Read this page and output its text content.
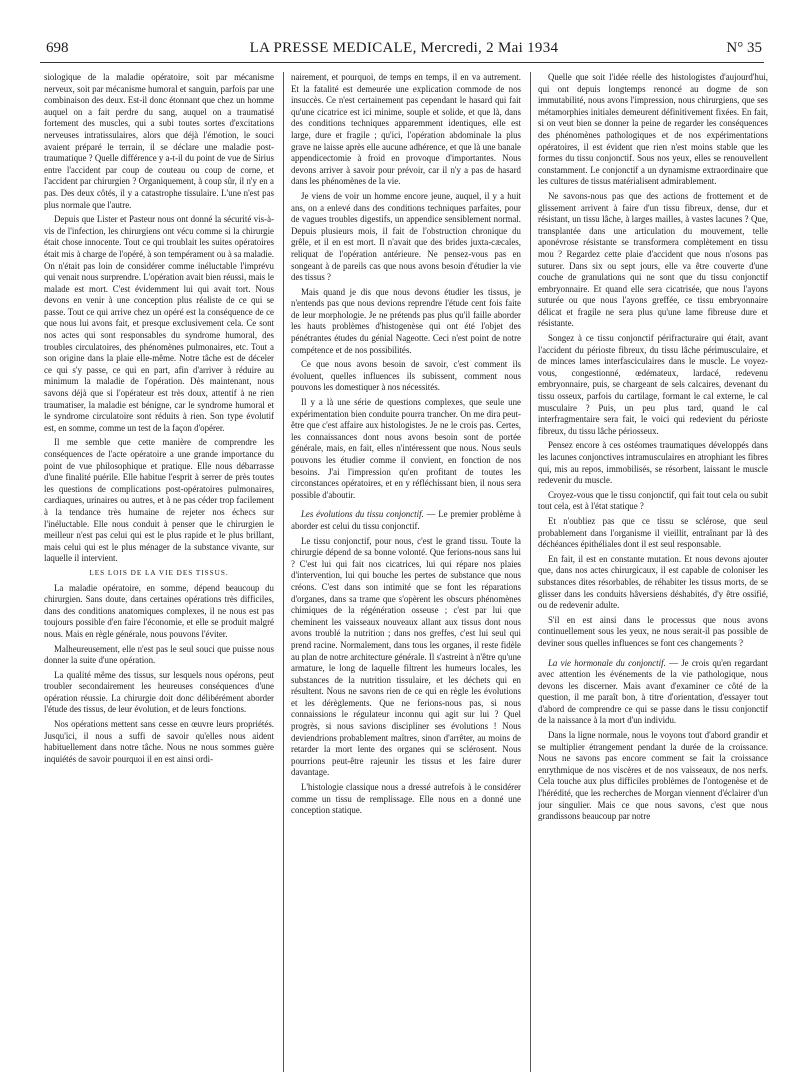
698	LA PRESSE MEDICALE, Mercredi, 2 Mai 1934	N° 35

siologique de la maladie opératoire, soit par mécanisme nerveux, soit par mécanisme humoral et sanguin, parfois par une combinaison des deux. Est-il donc étonnant que chez un homme auquel on a fait perdre du sang, auquel on a traumatisé fortement des muscles, qui a subi toutes sortes d'excitations nerveuses intratissulaires, alors que déjà l'émotion, le souci avaient préparé le terrain, il se déclare une maladie post-traumatique ? Quelle différence y a-t-il du point de vue de Sirius entre l'accident par coup de couteau ou coup de corne, et l'accident par chirurgien ? Organiquement, à coup sûr, il n'y en a pas. Des deux côtés, il y a catastrophe tissulaire. L'une n'est pas plus normale que l'autre.

Depuis que Lister et Pasteur nous ont donné la sécurité vis-à-vis de l'infection, les chirurgiens ont vécu comme si la chirurgie était chose innocente. Tout ce qui troublait les suites opératoires était mis à charge de l'opéré, à son tempérament ou à sa maladie. On n'était pas loin de considérer comme inéluctable l'imprévu qui venait nous surprendre. L'opération avait bien réussi, mais le malade est mort. C'est évidemment lui qui avait tort. Nous devons en venir à une conception plus réaliste de ce qui se passe. Tout ce qui arrive chez un opéré est la conséquence de ce que nous lui avons fait, et presque exclusivement cela. Ce sont nos actes qui sont responsables du syndrome humoral, des troubles circulatoires, des phénomènes pulmonaires, etc. Tout a son origine dans la plaie elle-même. Notre tâche est de déceler ce qui s'y passe, ce qui en part, afin d'arriver à réduire au minimum la maladie de l'opération. Dès maintenant, nous savons déjà que si l'opérateur est très doux, attentif à ne rien traumatiser, la maladie est bénigne, car le syndrome humoral et le syndrome circulatoire sont réduits à rien. Son type évolutif est, en somme, comme un test de la façon d'opérer.

Il me semble que cette manière de comprendre les conséquences de l'acte opératoire a une grande importance du point de vue philosophique et pratique. Elle nous débarrasse d'une finalité puérile. Elle habitue l'esprit à serrer de près toutes les questions de complications post-opératoires pulmonaires, cardiaques, urinaires ou autres, et à ne pas céder trop facilement à la tendance très humaine de rejeter nos échecs sur l'inéluctable. Elle nous conduit à penser que le chirurgien le meilleur n'est pas celui qui est le plus rapide et le plus brillant, mais celui qui est le plus ménager de la substance vivante, sur laquelle il intervient.

LES LOIS DE LA VIE DES TISSUS.

La maladie opératoire, en somme, dépend beaucoup du chirurgien. Sans doute, dans certaines opérations très difficiles, dans des conditions anatomiques complexes, il ne nous est pas toujours possible d'en faire l'économie, et elle se produit malgré nous. Mais en règle générale, nous pouvons l'éviter.

Malheureusement, elle n'est pas le seul souci que puisse nous donner la suite d'une opération.

La qualité même des tissus, sur lesquels nous opérons, peut troubler secondairement les heureuses conséquences d'une opération réussie. La chirurgie doit donc délibérément aborder l'étude des tissus, de leur évolution, et de leurs fonctions.

Nos opérations mettent sans cesse en œuvre leurs propriétés. Jusqu'ici, il nous a suffi de savoir qu'elles nous aident habituellement dans notre tâche. Nous ne nous sommes guère inquiétés de savoir pourquoi il en est ainsi ordi-

nairement, et pourquoi, de temps en temps, il en va autrement. Et la fatalité est demeurée une explication commode de nos insuccès. Ce n'est certainement pas cependant le hasard qui fait qu'une cicatrice est ici minime, souple et solide, et que là, dans des conditions techniques apparemment identiques, elle est large, dure et fragile ; qu'ici, l'opération abdominale la plus grave ne laisse après elle aucune adhérence, et que là une banale appendicectomie à froid en provoque d'importantes. Nous devons arriver à savoir pour prévoir, car il n'y a pas de hasard dans les phénomènes de la vie.

Je viens de voir un homme encore jeune, auquel, il y a huit ans, on a enlevé dans des conditions techniques parfaites, pour de vagues troubles digestifs, un appendice sensiblement normal. Depuis plusieurs mois, il fait de l'obstruction chronique du grêle, et il en est mort. Il n'avait que des brides juxta-cæcales, reliquat de l'opération antérieure. Ne pensez-vous pas en songeant à de pareils cas que nous avons besoin d'étudier la vie des tissus ?

Mais quand je dis que nous devons étudier les tissus, je n'entends pas que nous devions reprendre l'étude cent fois faite de leur morphologie. Je ne prétends pas plus qu'il faille aborder les hauts problèmes d'histogenèse qui ont été l'objet des pénétrantes études du génial Nageotte. Ceci n'est point de notre compétence et de nos possibilités.

Ce que nous avons besoin de savoir, c'est comment ils évoluent, quelles influences ils subissent, comment nous pouvons les domestiquer à nos nécessités.

Il y a là une série de questions complexes, que seule une expérimentation bien conduite pourra trancher. On me dira peut-être que c'est affaire aux histologistes. Je ne le crois pas. Certes, les connaissances dont nous avons besoin sont de portée générale, mais, en fait, elles n'intéressent que nous. Nous seuls pouvons les étudier comme il convient, en fonction de nos besoins. J'ai l'impression qu'en profitant de toutes les circonstances opératoires, et en y réfléchissant bien, il nous sera possible d'aboutir.

Les évolutions du tissu conjonctif. — Le premier problème à aborder est celui du tissu conjonctif.

Le tissu conjonctif, pour nous, c'est le grand tissu. Toute la chirurgie dépend de sa bonne volonté. Que ferions-nous sans lui ? C'est lui qui fait nos cicatrices, lui qui répare nos plaies d'intervention, lui qui bouche les pertes de substance que nous créons. C'est dans son intimité que se font les réparations d'organes, dans sa trame que s'opèrent les obscurs phénomènes chimiques de la régénération osseuse ; c'est par lui que cheminent les vaisseaux nouveaux allant aux tissus dont nous avons troublé la nutrition ; dans nos greffes, c'est lui seul qui prend racine. Normalement, dans tous les organes, il reste fidèle au plan de notre architecture générale. Il s'astreint à n'être qu'une armature, le long de laquelle filtrent les humeurs locales, les substances de la nutrition tissulaire, et les déchets qui en résultent. Nous ne savons rien de ce qui en règle les évolutions et les dérèglements. Que ne ferions-nous pas, si nous connaissions le régulateur inconnu qui agit sur lui ? Quel progrès, si nous savions discipliner ses évolutions ! Nous deviendrions probablement maîtres, sinon d'arrêter, au moins de retarder la mort lente des organes qui se sclérosent. Nous pourrions peut-être rajeunir les tissus et les faire durer davantage.

L'histologie classique nous a dressé autrefois à le considérer comme un tissu de remplissage. Elle nous en a donné une conception statique.

Quelle que soit l'idée réelle des histologistes d'aujourd'hui, qui ont depuis longtemps renoncé au dogme de son immutabilité, nous avons l'impression, nous chirurgiens, que ses métamorphies initiales demeurent définitivement fixées. En fait, si on veut bien se donner la peine de regarder les conséquences des phénomènes pathologiques et de nos expérimentations opératoires, il est évident que rien n'est moins stable que les formes du tissu conjonctif. Sous nos yeux, elles se renouvellent constamment. Le conjonctif a un dynamisme extraordinaire que les cultures de tissus matérialisent admirablement.

Ne savons-nous pas que des actions de frottement et de glissement arrivent à faire d'un tissu fibreux, dense, dur et résistant, un tissu lâche, à larges mailles, à vastes lacunes ? Que, transplantée dans une articulation du mouvement, telle aponévrose résistante se transformera complètement en tissu mou ? Regardez cette plaie d'accident que nous n'osons pas suturer. Dans six ou sept jours, elle va être couverte d'une couche de granulations qui ne sont que du tissu conjonctif embryonnaire. Et quand elle sera cicatrisée, que nous l'ayons suturée ou que nous l'ayons greffée, ce tissu embryonnaire délicat et fragile ne sera plus qu'une lame fibreuse dure et résistante.

Songez à ce tissu conjonctif périfracturaire qui était, avant l'accident du périoste fibreux, du tissu lâche périmusculaire, et de minces lames interfasciculaires dans le muscle. Le voyez-vous, congestionné, œdémateux, lardacé, redevenu embryonnaire, puis, se chargeant de sels calcaires, devenant du tissu osseux, parfois du cartilage, formant le cal externe, le cal musculaire ? Puis, un peu plus tard, quand le cal interfragmentaire sera fait, le voici qui redevient du périoste fibreux, du tissu lâche périosseux.

Pensez encore à ces ostéomes traumatiques développés dans les lacunes conjonctives intramusculaires en atrophiant les fibres qui, mis au repos, immobilisés, se résorbent, laissant le muscle redevenir du muscle.

Croyez-vous que le tissu conjonctif, qui fait tout cela ou subit tout cela, est à l'état statique ?

Et n'oubliez pas que ce tissu se sclérose, que seul probablement dans l'organisme il vieillit, entraînant par là des déchéances épithéliales dont il est seul responsable.

En fait, il est en constante mutation. Et nous devons ajouter que, dans nos actes chirurgicaux, il est capable de coloniser les substances dites résorbables, de réhabiter les tissus morts, de se glisser dans les conduits hâversiens déshabités, d'y être ossifié, ou de redevenir adulte.

S'il en est ainsi dans le processus que nous avons continuellement sous les yeux, ne nous serait-il pas possible de deviner sous quelles influences se font ces changements ?

La vie hormonale du conjonctif. — Je crois qu'en regardant avec attention les événements de la vie pathologique, nous devons les discerner. Mais avant d'examiner ce côté de la question, il me paraît bon, à titre d'orientation, d'essayer tout d'abord de comprendre ce qui se passe dans le tissu conjonctif de la naissance à la mort d'un individu.

Dans la ligne normale, nous le voyons tout d'abord grandir et se multiplier étrangement pendant la durée de la croissance. Nous ne savons pas encore comment se fait la croissance enrythmique de nos viscères et de nos vaisseaux, de nos nerfs. Cela touche aux plus difficiles problèmes de l'ontogenèse et de l'hérédité, que les recherches de Morgan viennent d'éclairer d'un jour singulier. Mais ce que nous savons, c'est que nous grandissons beaucoup par notre
